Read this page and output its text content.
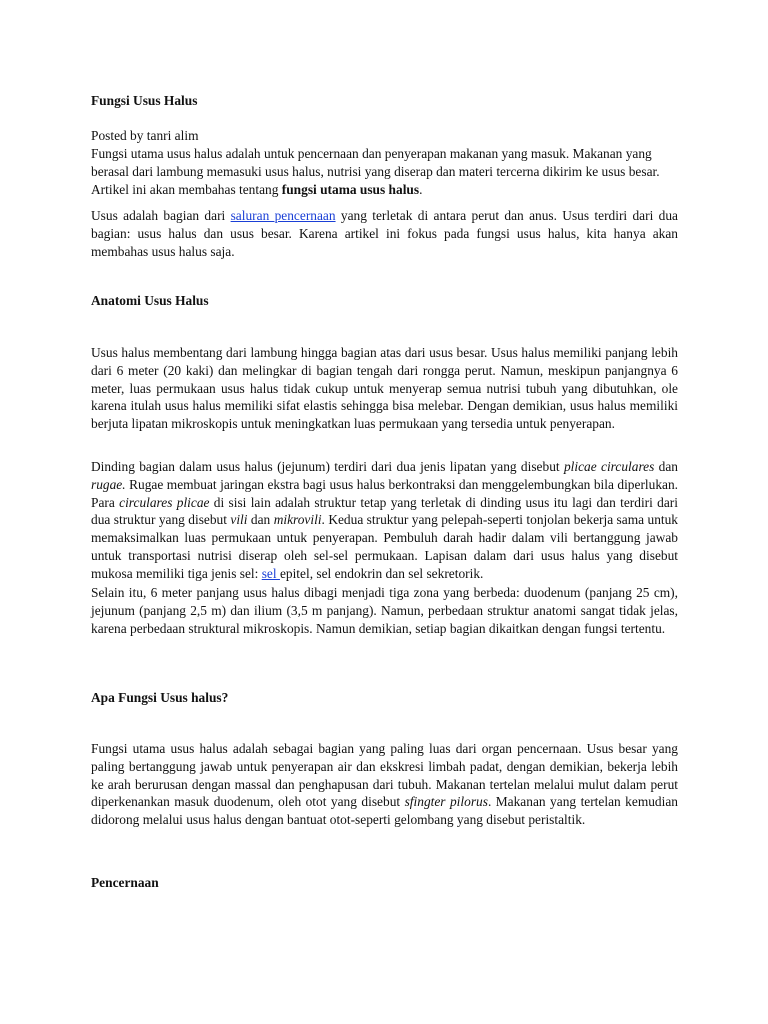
Fungsi Usus Halus

Posted by tanri alim

Fungsi utama usus halus adalah untuk pencernaan dan penyerapan makanan yang masuk. Makanan yang berasal dari lambung memasuki usus halus, nutrisi yang diserap dan materi tercerna dikirim ke usus besar. Artikel ini akan membahas tentang fungsi utama usus halus.

Usus adalah bagian dari saluran pencernaan yang terletak di antara perut dan anus. Usus terdiri dari dua bagian: usus halus dan usus besar. Karena artikel ini fokus pada fungsi usus halus, kita hanya akan membahas usus halus saja.

Anatomi Usus Halus

Usus halus membentang dari lambung hingga bagian atas dari usus besar. Usus halus memiliki panjang lebih dari 6 meter (20 kaki) dan melingkar di bagian tengah dari rongga perut. Namun, meskipun panjangnya 6 meter, luas permukaan usus halus tidak cukup untuk menyerap semua nutrisi tubuh yang dibutuhkan, ole karena itulah usus halus memiliki sifat elastis sehingga bisa melebar. Dengan demikian, usus halus memiliki berjuta lipatan mikroskopis untuk meningkatkan luas permukaan yang tersedia untuk penyerapan.

Dinding bagian dalam usus halus (jejunum) terdiri dari dua jenis lipatan yang disebut plicae circulares dan rugae. Rugae membuat jaringan ekstra bagi usus halus berkontraksi dan menggelembungkan bila diperlukan. Para circulares plicae di sisi lain adalah struktur tetap yang terletak di dinding usus itu lagi dan terdiri dari dua struktur yang disebut vili dan mikrovili. Kedua struktur yang pelepah-seperti tonjolan bekerja sama untuk memaksimalkan luas permukaan untuk penyerapan. Pembuluh darah hadir dalam vili bertanggung jawab untuk transportasi nutrisi diserap oleh sel-sel permukaan. Lapisan dalam dari usus halus yang disebut mukosa memiliki tiga jenis sel: sel epitel, sel endokrin dan sel sekretorik.

Selain itu, 6 meter panjang usus halus dibagi menjadi tiga zona yang berbeda: duodenum (panjang 25 cm), jejunum (panjang 2,5 m) dan ilium (3,5 m panjang). Namun, perbedaan struktur anatomi sangat tidak jelas, karena perbedaan struktural mikroskopis. Namun demikian, setiap bagian dikaitkan dengan fungsi tertentu.

Apa Fungsi Usus halus?

Fungsi utama usus halus adalah sebagai bagian yang paling luas dari organ pencernaan. Usus besar yang paling bertanggung jawab untuk penyerapan air dan ekskresi limbah padat, dengan demikian, bekerja lebih ke arah berurusan dengan massal dan penghapusan dari tubuh. Makanan tertelan melalui mulut dalam perut diperkenankan masuk duodenum, oleh otot yang disebut sfingter pilorus. Makanan yang tertelan kemudian didorong melalui usus halus dengan bantuat otot-seperti gelombang yang disebut peristaltik.

Pencernaan
